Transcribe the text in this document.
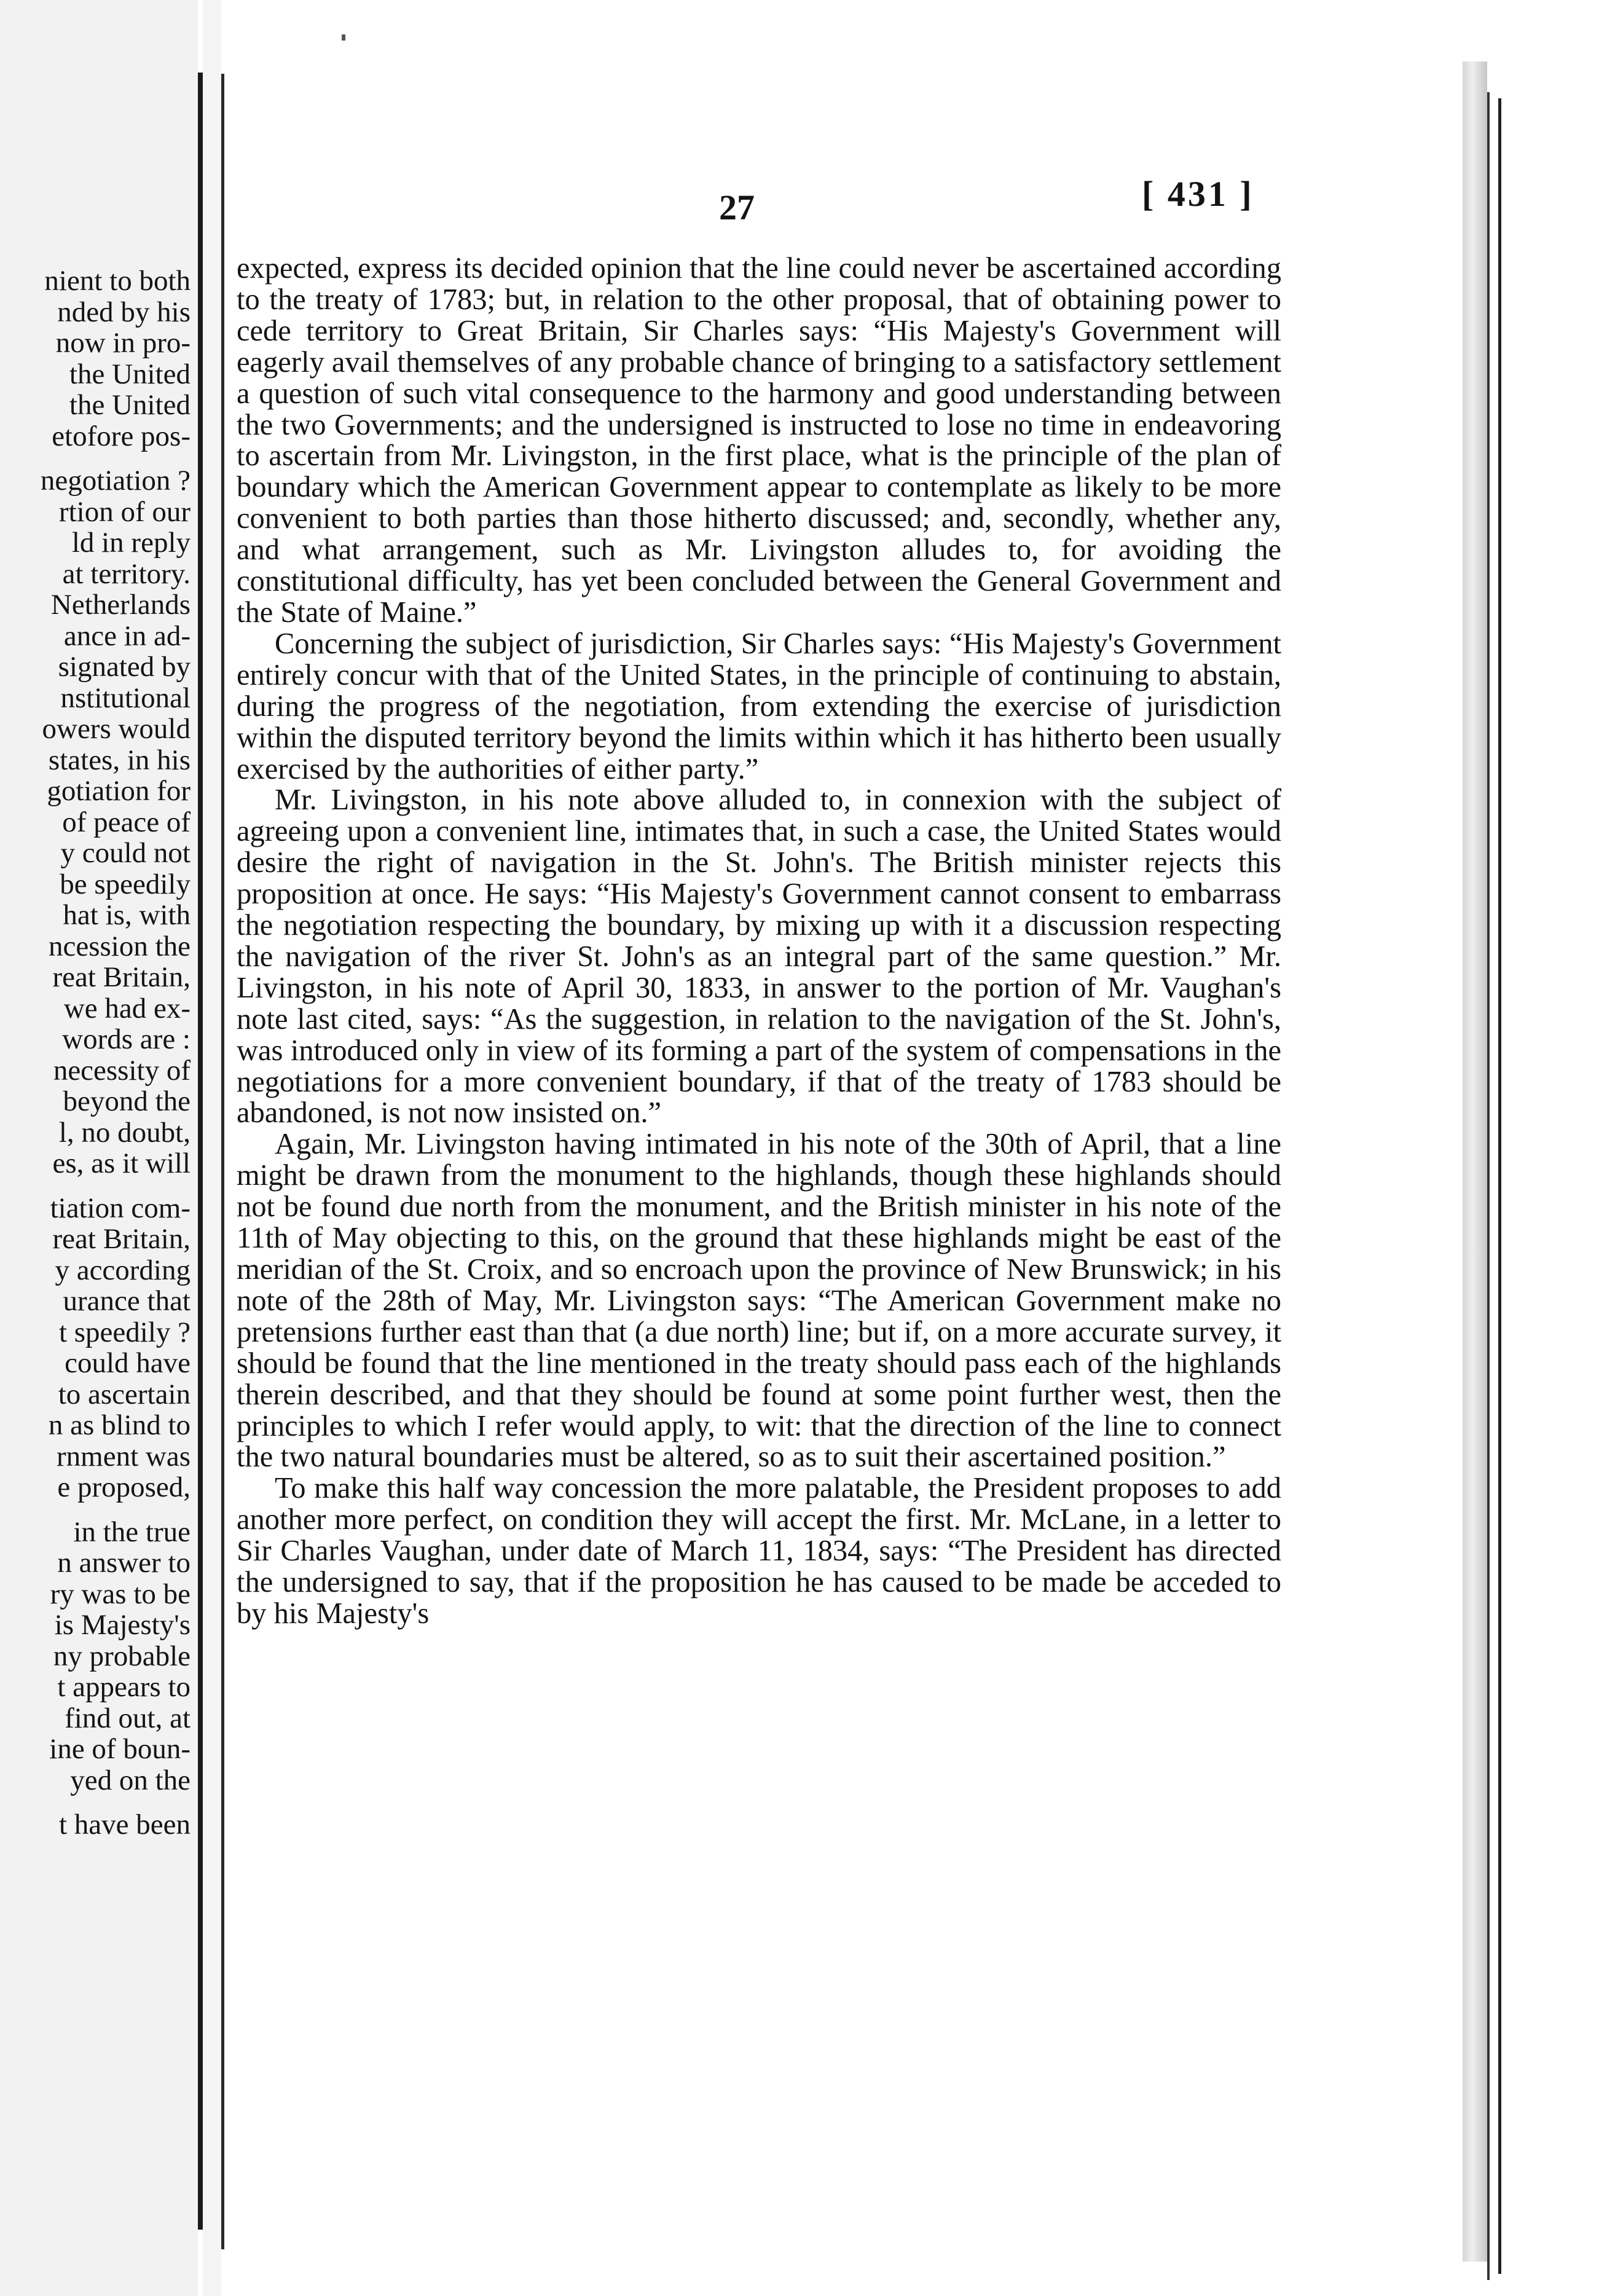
nient to both
nded by his
now in pro-
the United
the United
etofore pos-
negotiation ?
rtion of our
ld in reply
at territory.
Netherlands
ance in ad-
signated by
nstitutional
owers would
states, in his
gotiation for
of peace of
y could not
be speedily
hat is, with
ncession the
reat Britain,
we had ex-
words are :
necessity of
beyond the
l, no doubt,
es, as it will
tiation com-
reat Britain,
y according
urance that
t speedily ?
could have
to ascertain
n as blind to
rnment was
e proposed,
in the true
n answer to
ry was to be
is Majesty's
ny probable
t appears to
find out, at
ine of boun-
yed on the
t have been
27	[ 431 ]

expected, express its decided opinion that the line could never be ascertained according to the treaty of 1783; but, in relation to the other proposal, that of obtaining power to cede territory to Great Britain, Sir Charles says: “His Majesty's Government will eagerly avail themselves of any probable chance of bringing to a satisfactory settlement a question of such vital consequence to the harmony and good understanding between the two Governments; and the undersigned is instructed to lose no time in endeavoring to ascertain from Mr. Livingston, in the first place, what is the principle of the plan of boundary which the American Government appear to contemplate as likely to be more convenient to both parties than those hitherto discussed; and, secondly, whether any, and what arrangement, such as Mr. Livingston alludes to, for avoiding the constitutional difficulty, has yet been concluded between the General Government and the State of Maine.”

Concerning the subject of jurisdiction, Sir Charles says: “His Majesty's Government entirely concur with that of the United States, in the principle of continuing to abstain, during the progress of the negotiation, from extending the exercise of jurisdiction within the disputed territory beyond the limits within which it has hitherto been usually exercised by the authorities of either party.”

Mr. Livingston, in his note above alluded to, in connexion with the subject of agreeing upon a convenient line, intimates that, in such a case, the United States would desire the right of navigation in the St. John's. The British minister rejects this proposition at once. He says: “His Majesty's Government cannot consent to embarrass the negotiation respecting the boundary, by mixing up with it a discussion respecting the navigation of the river St. John's as an integral part of the same question.” Mr. Livingston, in his note of April 30, 1833, in answer to the portion of Mr. Vaughan's note last cited, says: “As the suggestion, in relation to the navigation of the St. John's, was introduced only in view of its forming a part of the system of compensations in the negotiations for a more convenient boundary, if that of the treaty of 1783 should be abandoned, is not now insisted on.”

Again, Mr. Livingston having intimated in his note of the 30th of April, that a line might be drawn from the monument to the highlands, though these highlands should not be found due north from the monument, and the British minister in his note of the 11th of May objecting to this, on the ground that these highlands might be east of the meridian of the St. Croix, and so encroach upon the province of New Brunswick; in his note of the 28th of May, Mr. Livingston says: “The American Government make no pretensions further east than that (a due north) line; but if, on a more accurate survey, it should be found that the line mentioned in the treaty should pass each of the highlands therein described, and that they should be found at some point further west, then the principles to which I refer would apply, to wit: that the direction of the line to connect the two natural boundaries must be altered, so as to suit their ascertained position.”

To make this half way concession the more palatable, the President proposes to add another more perfect, on condition they will accept the first. Mr. McLane, in a letter to Sir Charles Vaughan, under date of March 11, 1834, says: “The President has directed the undersigned to say, that if the proposition he has caused to be made be acceded to by his Majesty's
